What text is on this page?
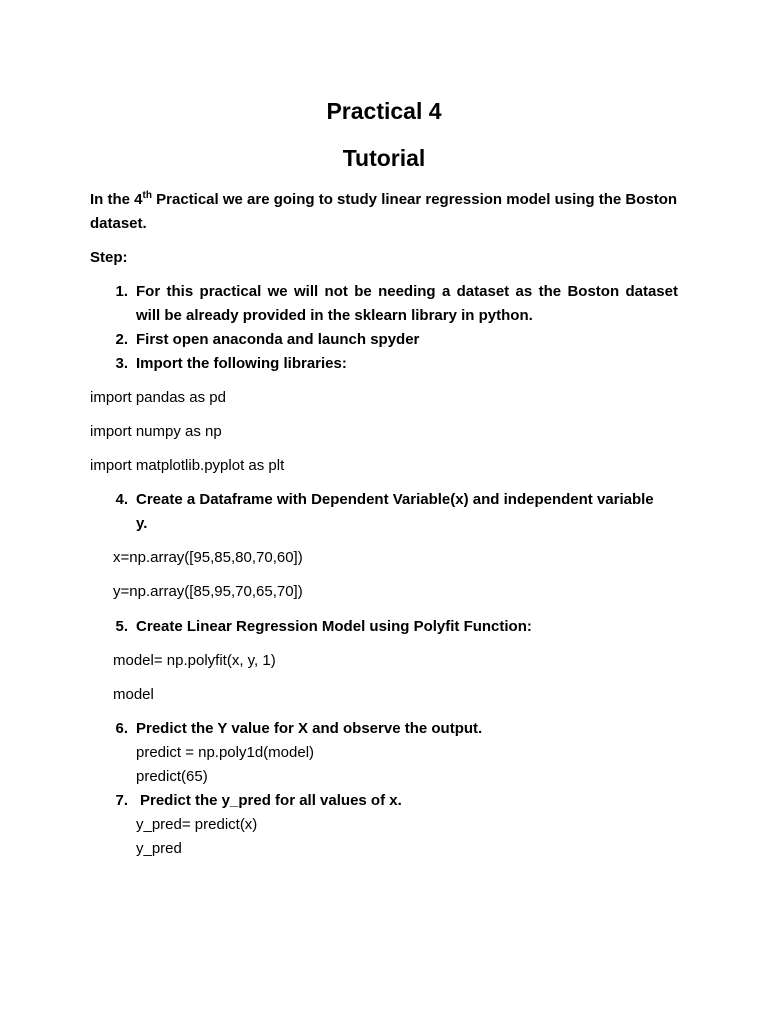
Practical 4
Tutorial
In the 4th Practical we are going to study linear regression model using the Boston
dataset.
Step:
1. For this practical we will not be needing a dataset as the Boston dataset
will be already provided in the sklearn library in python.
2. First open anaconda and launch spyder
3. Import the following libraries:
import pandas as pd
import numpy as np
import matplotlib.pyplot as plt
4. Create a Dataframe with Dependent Variable(x) and independent variable
y.
x=np.array([95,85,80,70,60])
y=np.array([85,95,70,65,70])
5. Create Linear Regression Model using Polyfit Function:
model= np.polyfit(x, y, 1)
model
6. Predict the Y value for X and observe the output.
predict = np.poly1d(model)
predict(65)
7. Predict the y_pred for all values of x.
y_pred= predict(x)
y_pred
